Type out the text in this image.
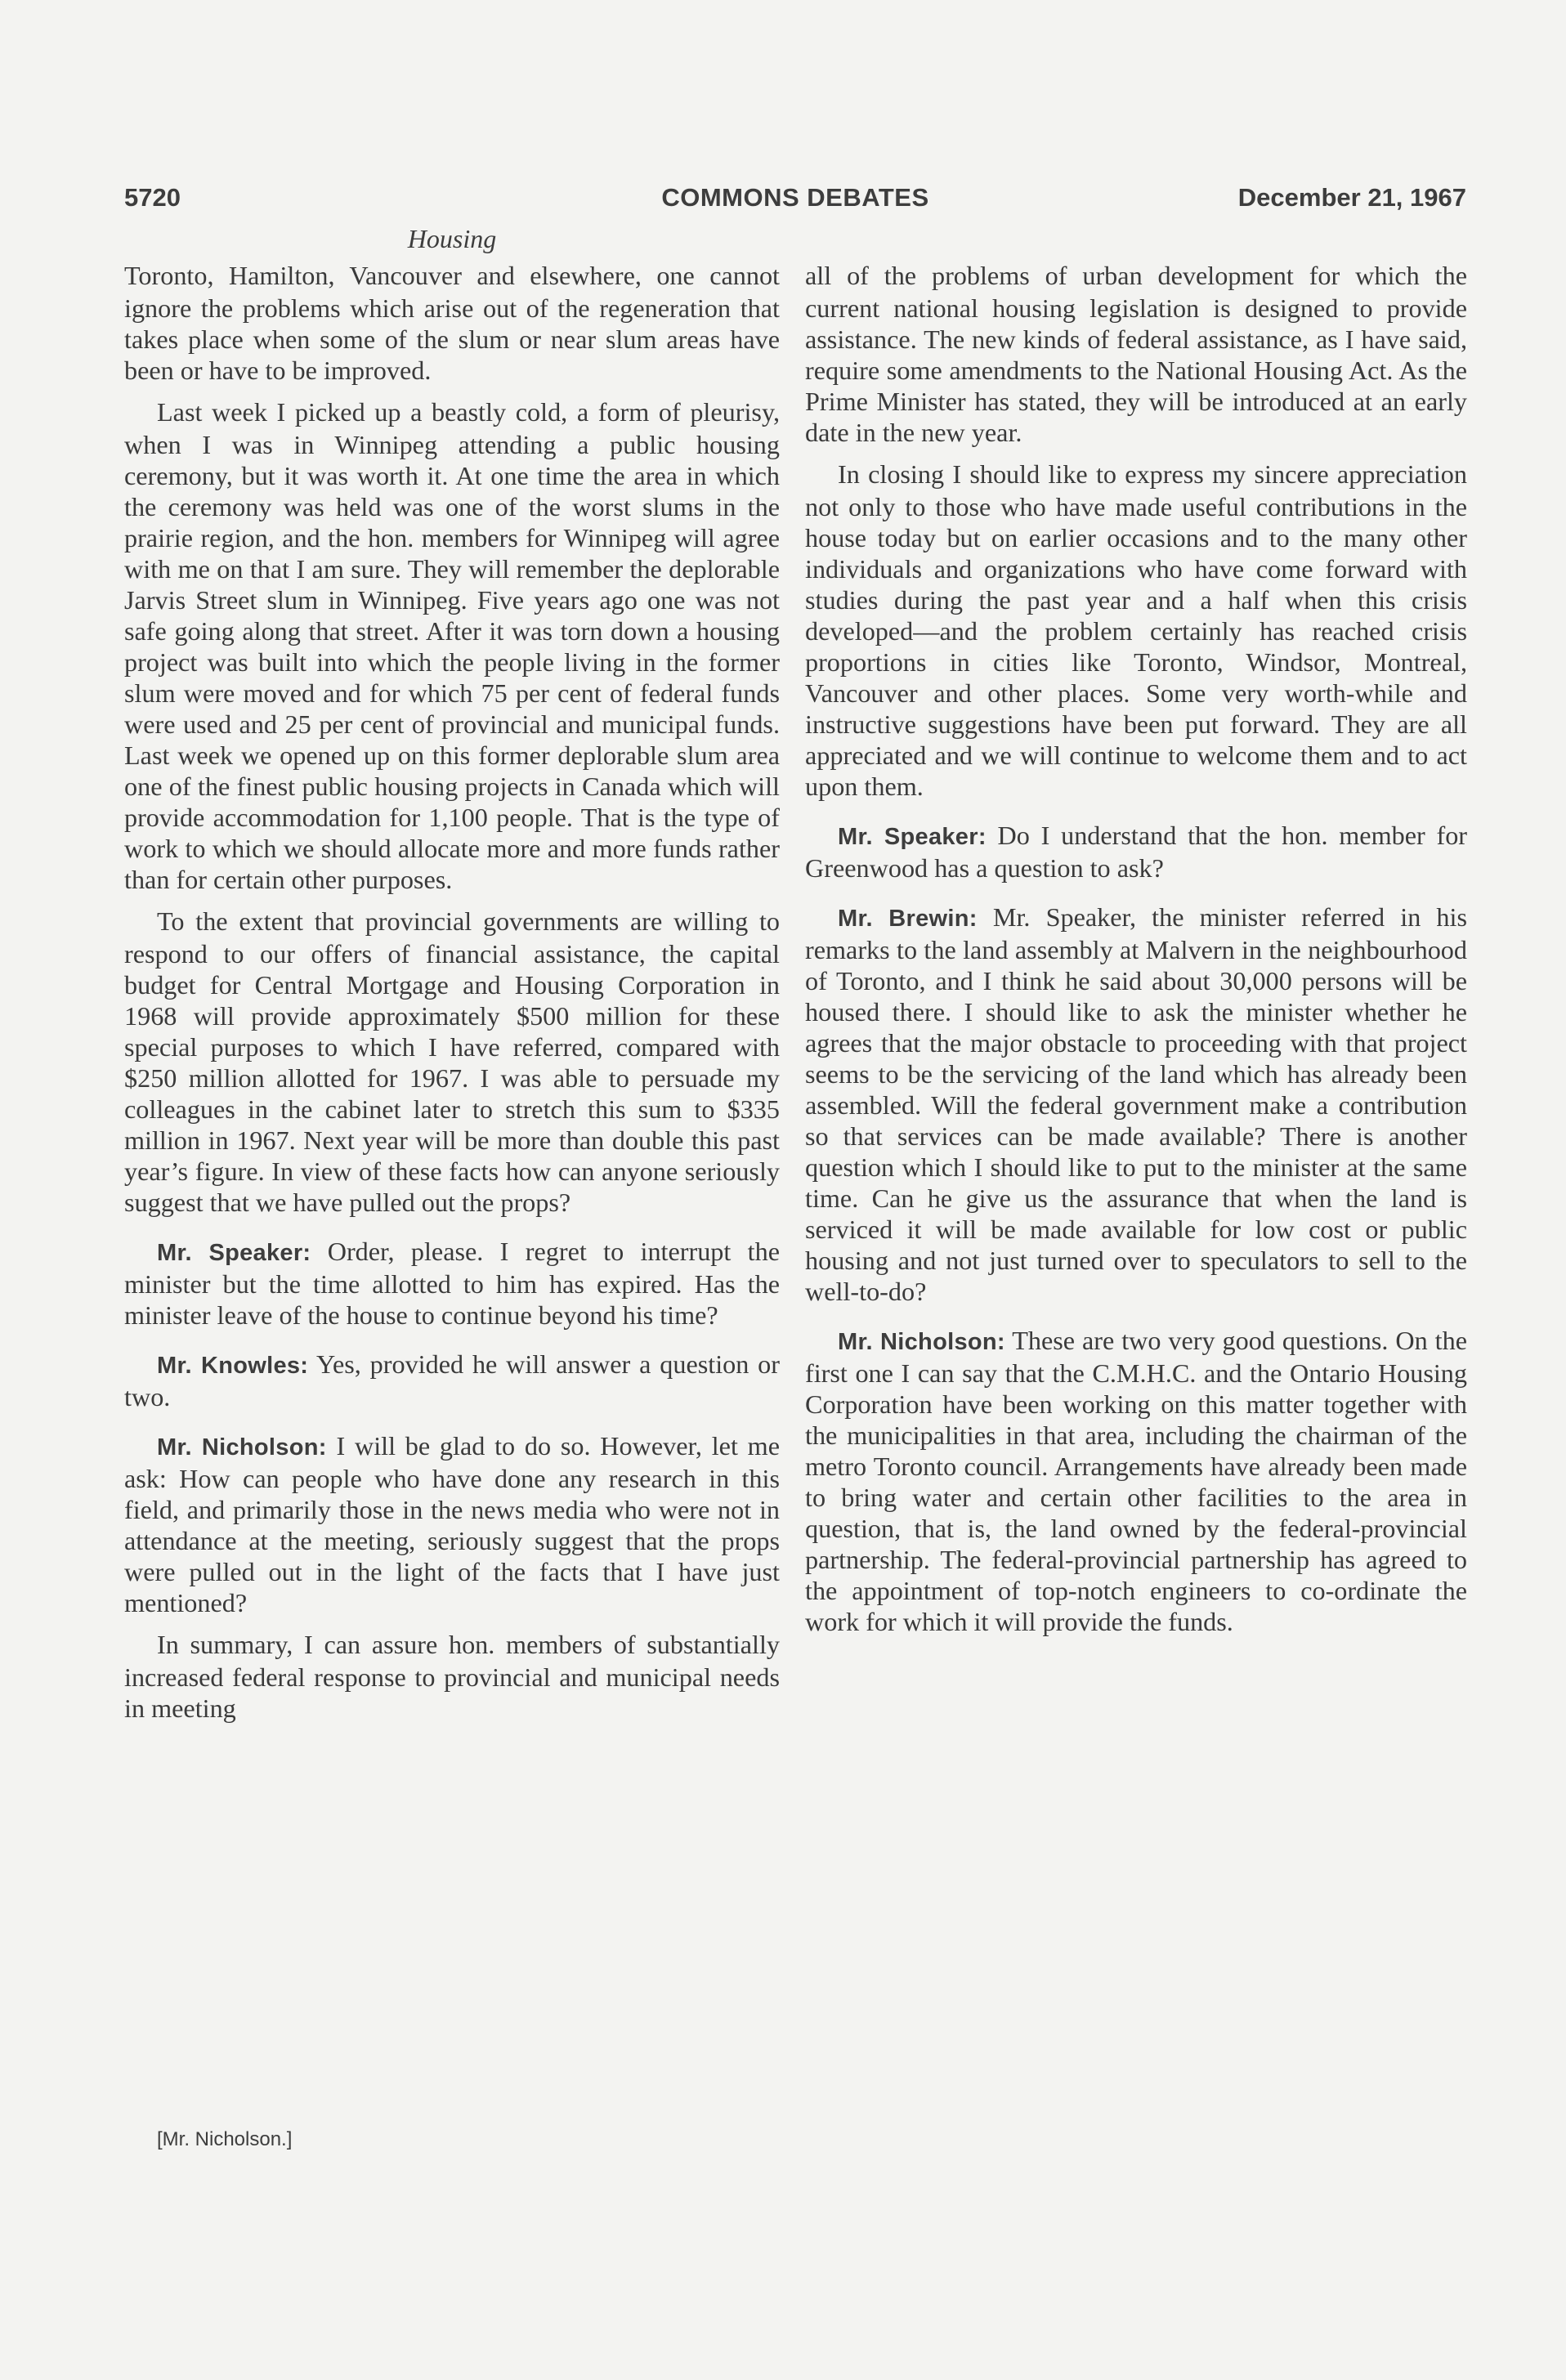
5720	COMMONS DEBATES	December 21, 1967
Housing

Toronto, Hamilton, Vancouver and elsewhere, one cannot ignore the problems which arise out of the regeneration that takes place when some of the slum or near slum areas have been or have to be improved.

Last week I picked up a beastly cold, a form of pleurisy, when I was in Winnipeg attending a public housing ceremony, but it was worth it. At one time the area in which the ceremony was held was one of the worst slums in the prairie region, and the hon. members for Winnipeg will agree with me on that I am sure. They will remember the deplorable Jarvis Street slum in Winnipeg. Five years ago one was not safe going along that street. After it was torn down a housing project was built into which the people living in the former slum were moved and for which 75 per cent of federal funds were used and 25 per cent of provincial and municipal funds. Last week we opened up on this former deplorable slum area one of the finest public housing projects in Canada which will provide accommodation for 1,100 people. That is the type of work to which we should allocate more and more funds rather than for certain other purposes.

To the extent that provincial governments are willing to respond to our offers of financial assistance, the capital budget for Central Mortgage and Housing Corporation in 1968 will provide approximately $500 million for these special purposes to which I have referred, compared with $250 million allotted for 1967. I was able to persuade my colleagues in the cabinet later to stretch this sum to $335 million in 1967. Next year will be more than double this past year’s figure. In view of these facts how can anyone seriously suggest that we have pulled out the props?

Mr. Speaker: Order, please. I regret to interrupt the minister but the time allotted to him has expired. Has the minister leave of the house to continue beyond his time?

Mr. Knowles: Yes, provided he will answer a question or two.

Mr. Nicholson: I will be glad to do so. However, let me ask: How can people who have done any research in this field, and primarily those in the news media who were not in attendance at the meeting, seriously suggest that the props were pulled out in the light of the facts that I have just mentioned?

In summary, I can assure hon. members of substantially increased federal response to provincial and municipal needs in meeting

all of the problems of urban development for which the current national housing legislation is designed to provide assistance. The new kinds of federal assistance, as I have said, require some amendments to the National Housing Act. As the Prime Minister has stated, they will be introduced at an early date in the new year.

In closing I should like to express my sincere appreciation not only to those who have made useful contributions in the house today but on earlier occasions and to the many other individuals and organizations who have come forward with studies during the past year and a half when this crisis developed—and the problem certainly has reached crisis proportions in cities like Toronto, Windsor, Montreal, Vancouver and other places. Some very worth-while and instructive suggestions have been put forward. They are all appreciated and we will continue to welcome them and to act upon them.

Mr. Speaker: Do I understand that the hon. member for Greenwood has a question to ask?

Mr. Brewin: Mr. Speaker, the minister referred in his remarks to the land assembly at Malvern in the neighbourhood of Toronto, and I think he said about 30,000 persons will be housed there. I should like to ask the minister whether he agrees that the major obstacle to proceeding with that project seems to be the servicing of the land which has already been assembled. Will the federal government make a contribution so that services can be made available? There is another question which I should like to put to the minister at the same time. Can he give us the assurance that when the land is serviced it will be made available for low cost or public housing and not just turned over to speculators to sell to the well-to-do?

Mr. Nicholson: These are two very good questions. On the first one I can say that the C.M.H.C. and the Ontario Housing Corporation have been working on this matter together with the municipalities in that area, including the chairman of the metro Toronto council. Arrangements have already been made to bring water and certain other facilities to the area in question, that is, the land owned by the federal-provincial partnership. The federal-provincial partnership has agreed to the appointment of top-notch engineers to co-ordinate the work for which it will provide the funds.

[Mr. Nicholson.]
